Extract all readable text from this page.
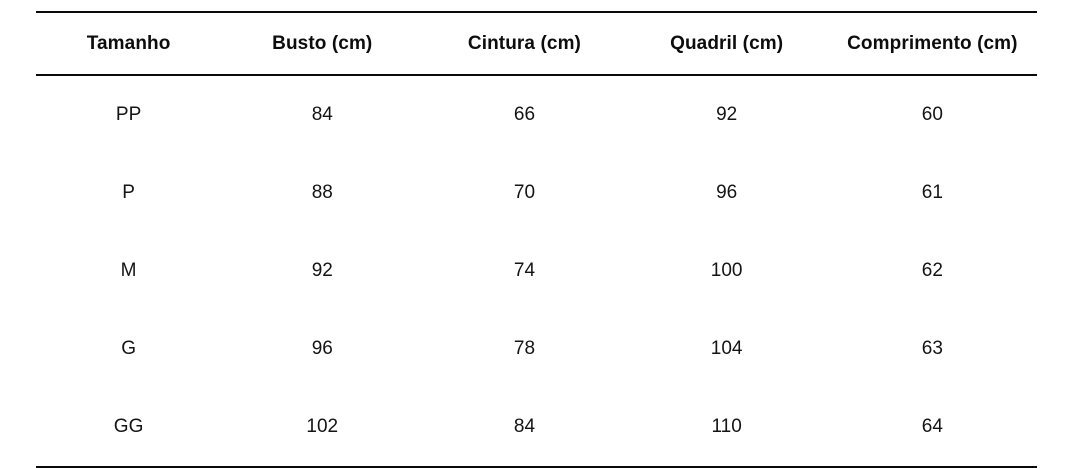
Tamanho	Busto (cm)	Cintura (cm)	Quadril (cm)	Comprimento (cm)
PP	84	66	92	60
P	88	70	96	61
M	92	74	100	62
G	96	78	104	63
GG	102	84	110	64
